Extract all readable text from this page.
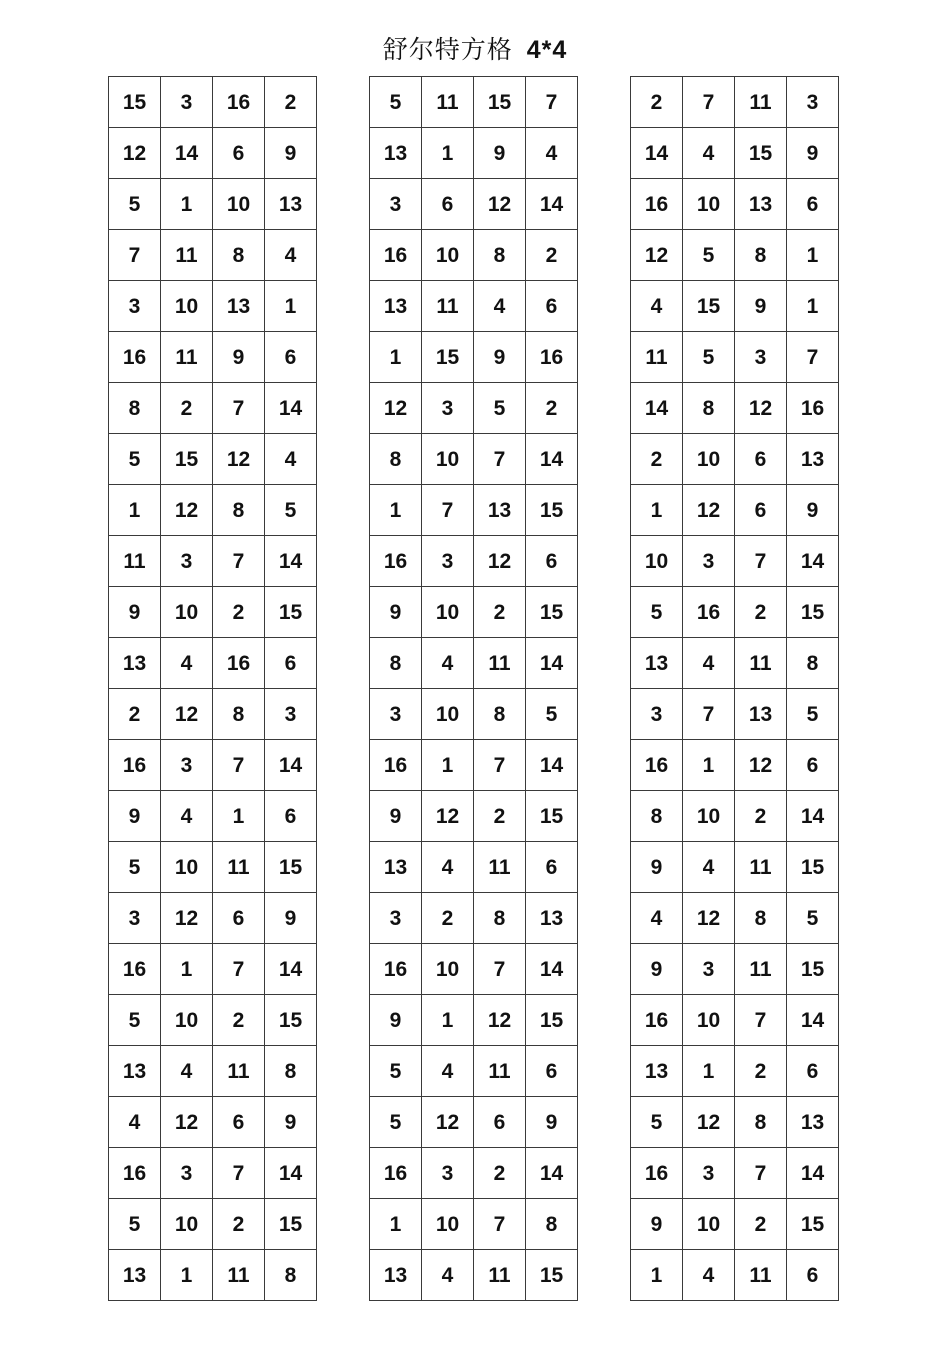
舒尔特方格 4*4
15	3	16	2
12	14	6	9
5	1	10	13
7	11	8	4
3	10	13	1
16	11	9	6
8	2	7	14
5	15	12	4
1	12	8	5
11	3	7	14
9	10	2	15
13	4	16	6
2	12	8	3
16	3	7	14
9	4	1	6
5	10	11	15
3	12	6	9
16	1	7	14
5	10	2	15
13	4	11	8
4	12	6	9
16	3	7	14
5	10	2	15
13	1	11	8
5	11	15	7
13	1	9	4
3	6	12	14
16	10	8	2
13	11	4	6
1	15	9	16
12	3	5	2
8	10	7	14
1	7	13	15
16	3	12	6
9	10	2	15
8	4	11	14
3	10	8	5
16	1	7	14
9	12	2	15
13	4	11	6
3	2	8	13
16	10	7	14
9	1	12	15
5	4	11	6
5	12	6	9
16	3	2	14
1	10	7	8
13	4	11	15
2	7	11	3
14	4	15	9
16	10	13	6
12	5	8	1
4	15	9	1
11	5	3	7
14	8	12	16
2	10	6	13
1	12	6	9
10	3	7	14
5	16	2	15
13	4	11	8
3	7	13	5
16	1	12	6
8	10	2	14
9	4	11	15
4	12	8	5
9	3	11	15
16	10	7	14
13	1	2	6
5	12	8	13
16	3	7	14
9	10	2	15
1	4	11	6
